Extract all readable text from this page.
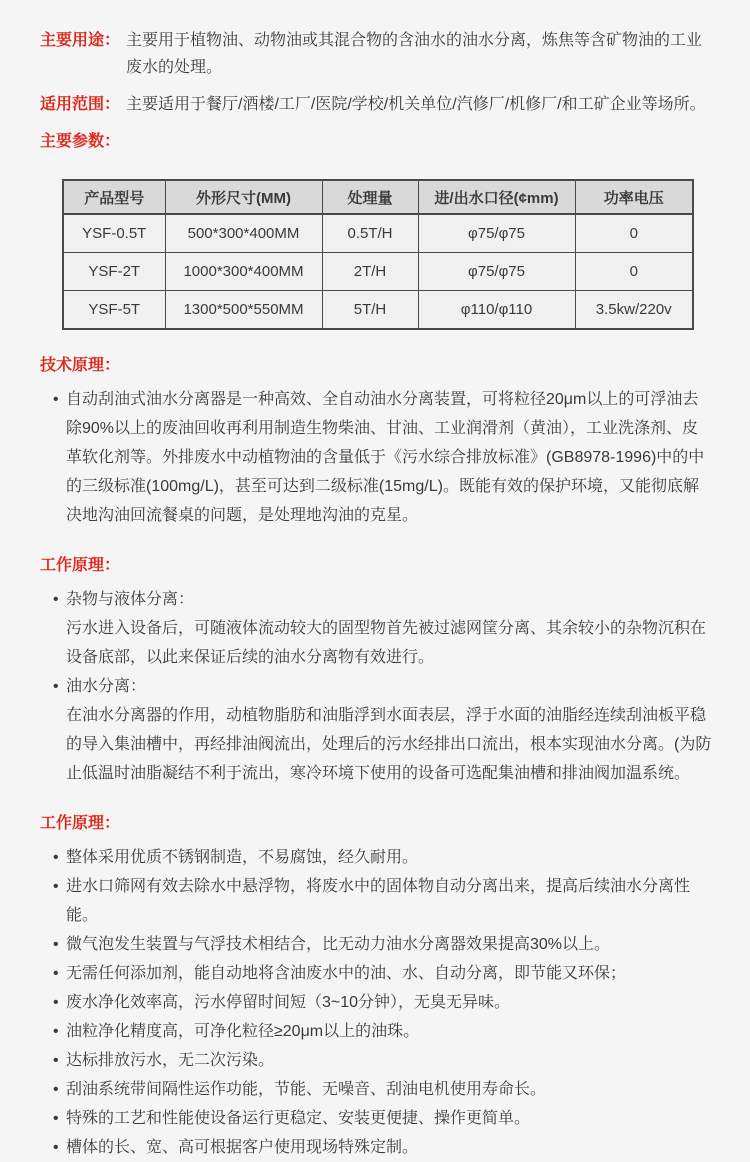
主要用途： 主要用于植物油、动物油或其混合物的含油水的油水分离，炼焦等含矿物油的工业废水的处理。
适用范围： 主要适用于餐厅/酒楼/工厂/医院/学校/机关单位/汽修厂/机修厂/和工矿企业等场所。
主要参数：
产品型号	外形尺寸(MM)	处理量	进/出水口径(¢mm)	功率电压
YSF-0.5T	500*300*400MM	0.5T/H	φ75/φ75	0
YSF-2T	1000*300*400MM	2T/H	φ75/φ75	0
YSF-5T	1300*500*550MM	5T/H	φ110/φ110	3.5kw/220v
技术原理：
• 自动刮油式油水分离器是一种高效、全自动油水分离装置，可将粒径20μm以上的可浮油去除90%以上的废油回收再利用制造生物柴油、甘油、工业润滑剂（黄油），工业洗涤剂、皮革软化剂等。外排废水中动植物油的含量低于《污水综合排放标准》(GB8978-1996)中的中的三级标准(100mg/L)，甚至可达到二级标准(15mg/L)。既能有效的保护环境，又能彻底解决地沟油回流餐桌的问题，是处理地沟油的克星。
工作原理：
• 杂物与液体分离：
污水进入设备后，可随液体流动较大的固型物首先被过滤网筐分离、其余较小的杂物沉积在设备底部，以此来保证后续的油水分离物有效进行。
• 油水分离：
在油水分离器的作用，动植物脂肪和油脂浮到水面表层，浮于水面的油脂经连续刮油板平稳的导入集油槽中，再经排油阀流出，处理后的污水经排出口流出，根本实现油水分离。(为防止低温时油脂凝结不利于流出，寒冷环境下使用的设备可选配集油槽和排油阀加温系统。
工作原理：
• 整体采用优质不锈钢制造，不易腐蚀，经久耐用。
• 进水口筛网有效去除水中悬浮物，将废水中的固体物自动分离出来，提高后续油水分离性能。
• 微气泡发生装置与气浮技术相结合，比无动力油水分离器效果提高30%以上。
• 无需任何添加剂，能自动地将含油废水中的油、水、自动分离，即节能又环保；
• 废水净化效率高，污水停留时间短（3~10分钟），无臭无异味。
• 油粒净化精度高，可净化粒径≥20μm以上的油珠。
• 达标排放污水，无二次污染。
• 刮油系统带间隔性运作功能，节能、无噪音、刮油电机使用寿命长。
• 特殊的工艺和性能使设备运行更稳定、安装更便捷、操作更简单。
• 槽体的长、宽、高可根据客户使用现场特殊定制。
